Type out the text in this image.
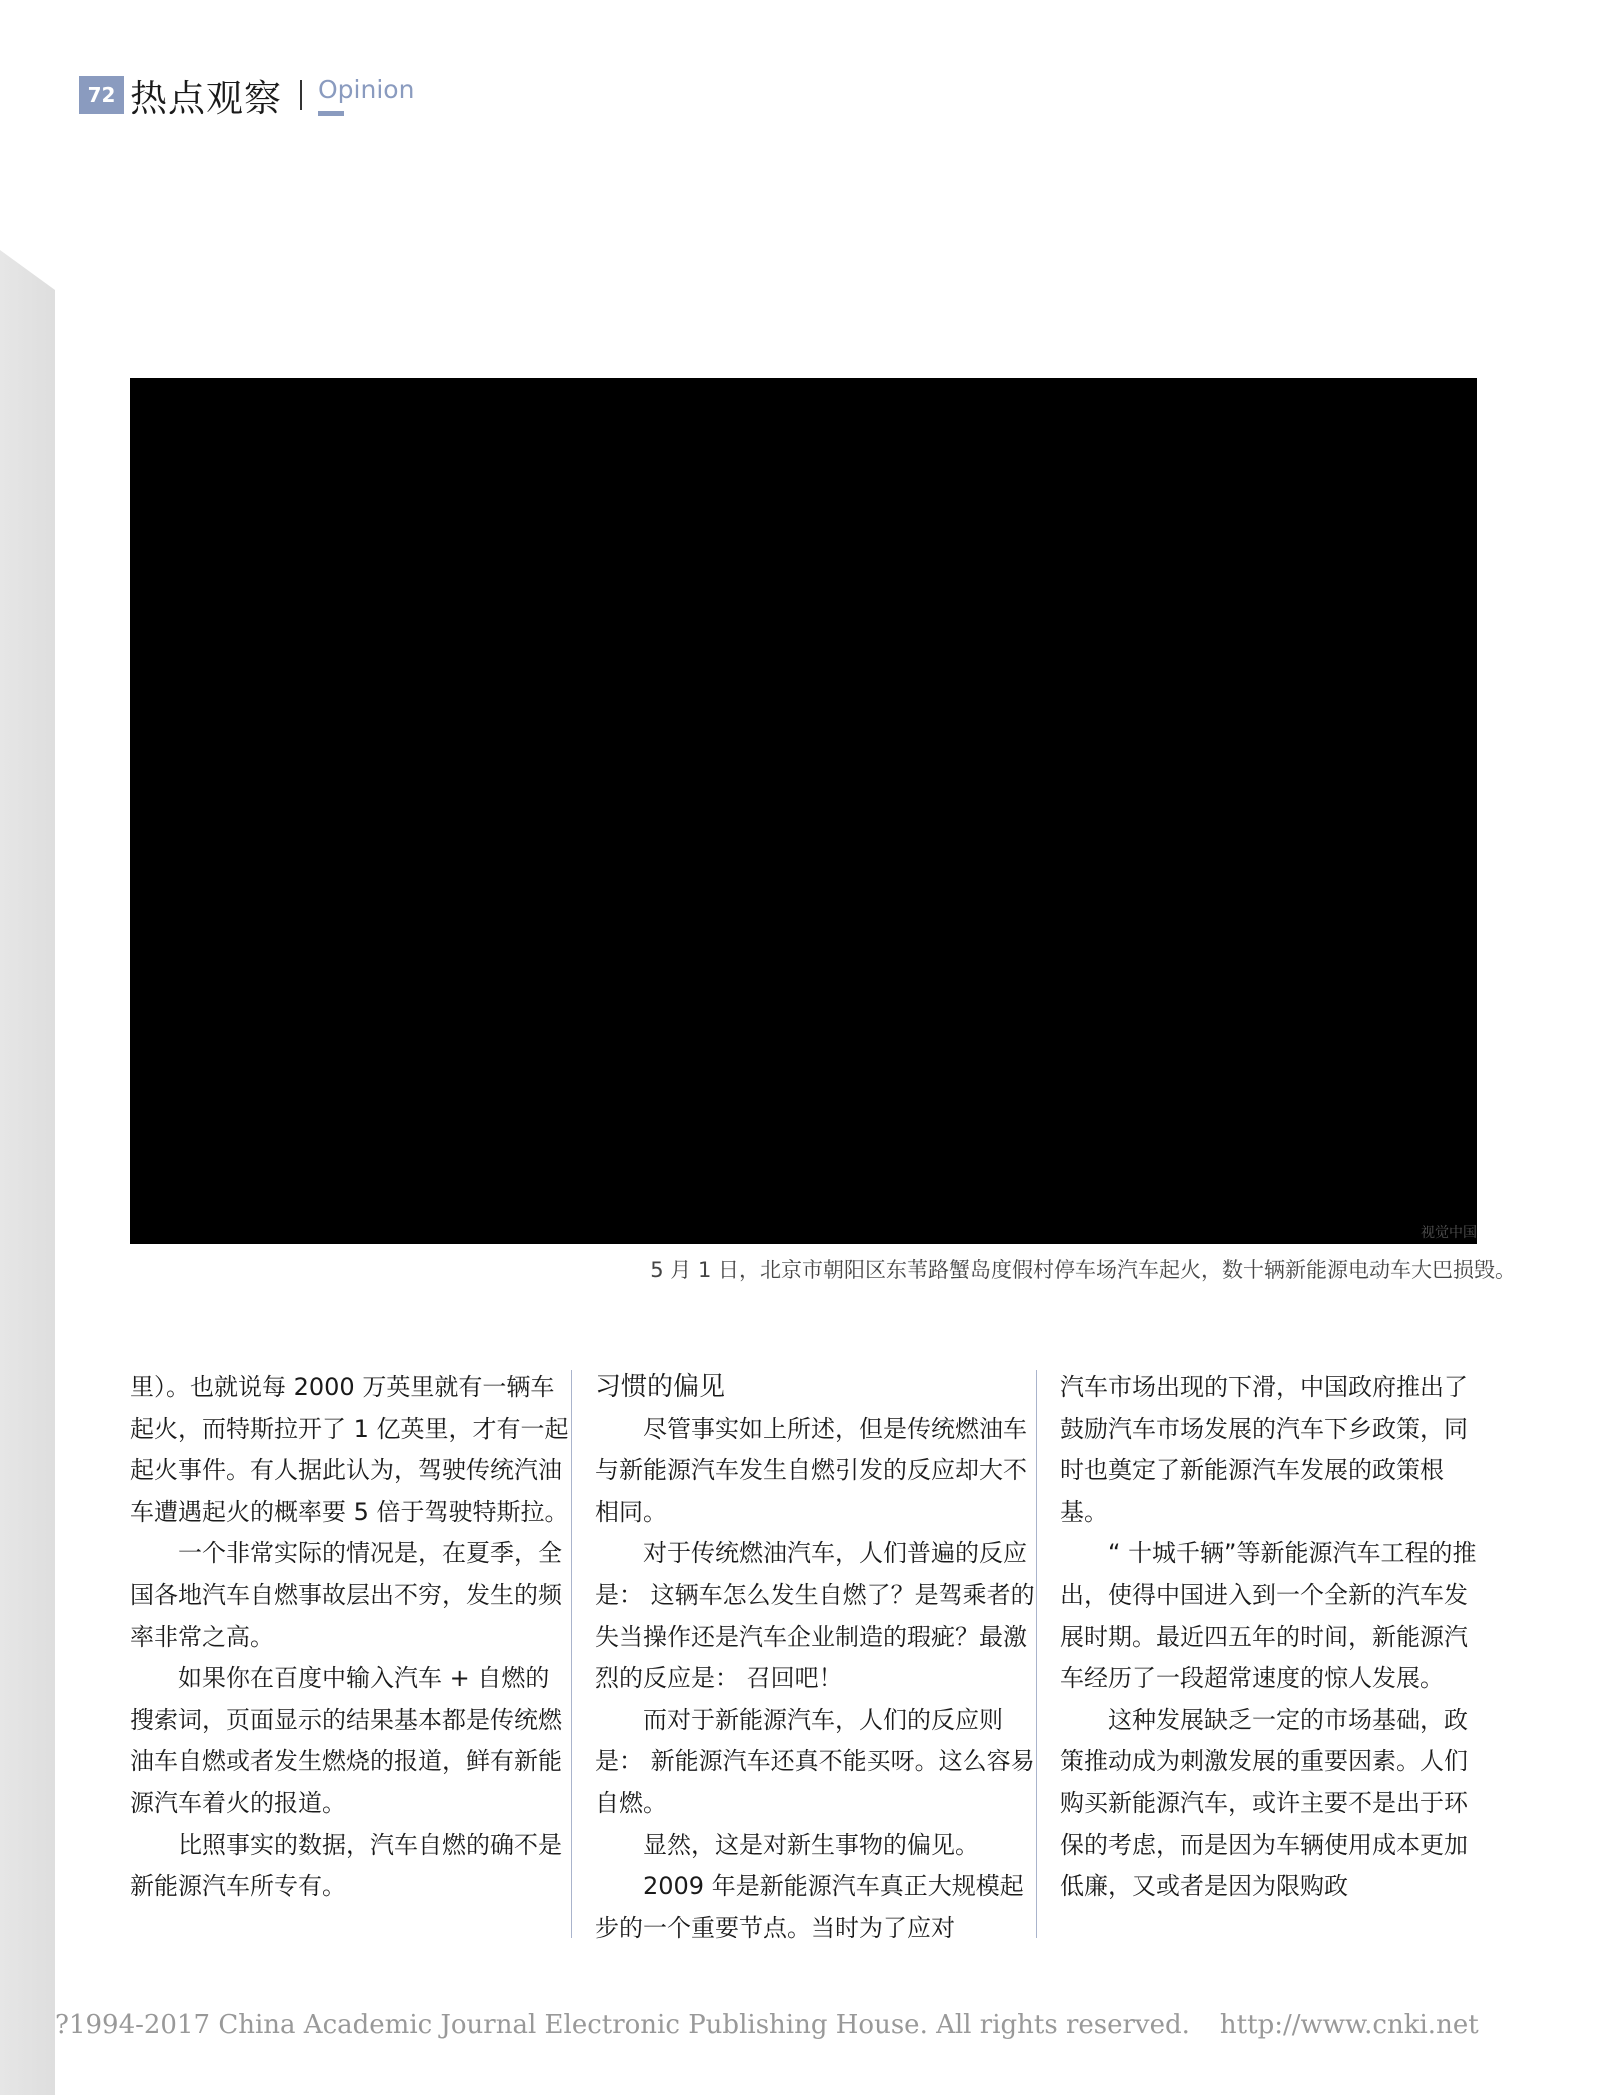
72 热点观察 Opinion
视觉中国
5 月 1 日，北京市朝阳区东苇路蟹岛度假村停车场汽车起火，数十辆新能源电动车大巴损毁。

里）。也就说每 2000 万英里就有一辆车起火，而特斯拉开了 1 亿英里，才有一起起火事件。有人据此认为，驾驶传统汽油车遭遇起火的概率要 5 倍于驾驶特斯拉。

一个非常实际的情况是，在夏季，全国各地汽车自燃事故层出不穷，发生的频率非常之高。

如果你在百度中输入汽车 + 自燃的搜索词，页面显示的结果基本都是传统燃油车自燃或者发生燃烧的报道，鲜有新能源汽车着火的报道。

比照事实的数据，汽车自燃的确不是新能源汽车所专有。

习惯的偏见

尽管事实如上所述，但是传统燃油车与新能源汽车发生自燃引发的反应却大不相同。

对于传统燃油汽车，人们普遍的反应是： 这辆车怎么发生自燃了？是驾乘者的失当操作还是汽车企业制造的瑕疵？最激烈的反应是： 召回吧！

而对于新能源汽车，人们的反应则是： 新能源汽车还真不能买呀。这么容易自燃。

显然，这是对新生事物的偏见。

2009 年是新能源汽车真正大规模起步的一个重要节点。当时为了应对

汽车市场出现的下滑，中国政府推出了鼓励汽车市场发展的汽车下乡政策，同时也奠定了新能源汽车发展的政策根基。

“ 十城千辆”等新能源汽车工程的推出，使得中国进入到一个全新的汽车发展时期。最近四五年的时间，新能源汽车经历了一段超常速度的惊人发展。

这种发展缺乏一定的市场基础，政策推动成为刺激发展的重要因素。人们购买新能源汽车，或许主要不是出于环保的考虑，而是因为车辆使用成本更加低廉，又或者是因为限购政

?1994-2017 China Academic Journal Electronic Publishing House. All rights reserved. http://www.cnki.net
